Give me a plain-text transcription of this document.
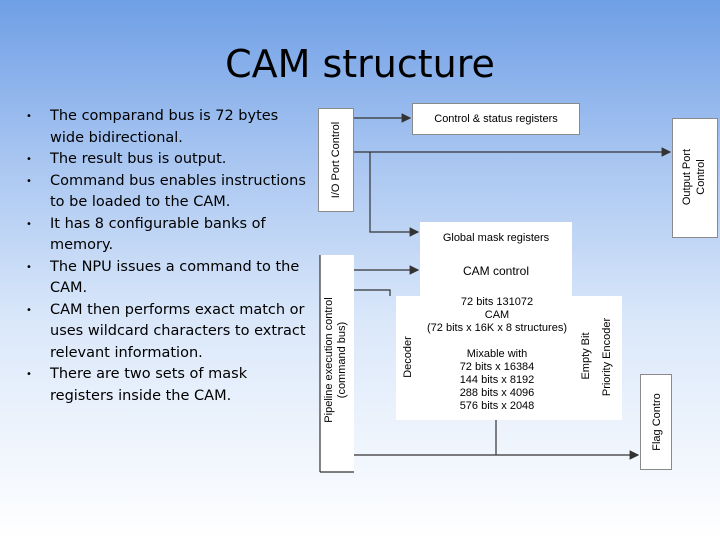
CAM structure
•	The comparand bus is 72 bytes wide bidirectional.
•	The result bus is output.
•	Command bus enables instructions to be loaded to the CAM.
•	It has 8 configurable banks of memory.
•	The NPU issues a command to the CAM.
•	CAM then performs exact match or uses wildcard characters to extract relevant information.
•	There are two sets of mask registers inside the CAM.
I/O Port Control
Control & status registers
Output Port Control
Global mask registers
CAM control
Pipeline execution control (command bus)	Decoder
72 bits 131072
CAM
(72 bits x 16K x 8 structures)
Mixable with
72 bits x 16384
144 bits x 8192
288 bits x 4096
576 bits x 2048
Empty Bit Priority Encoder
Flag Contro
